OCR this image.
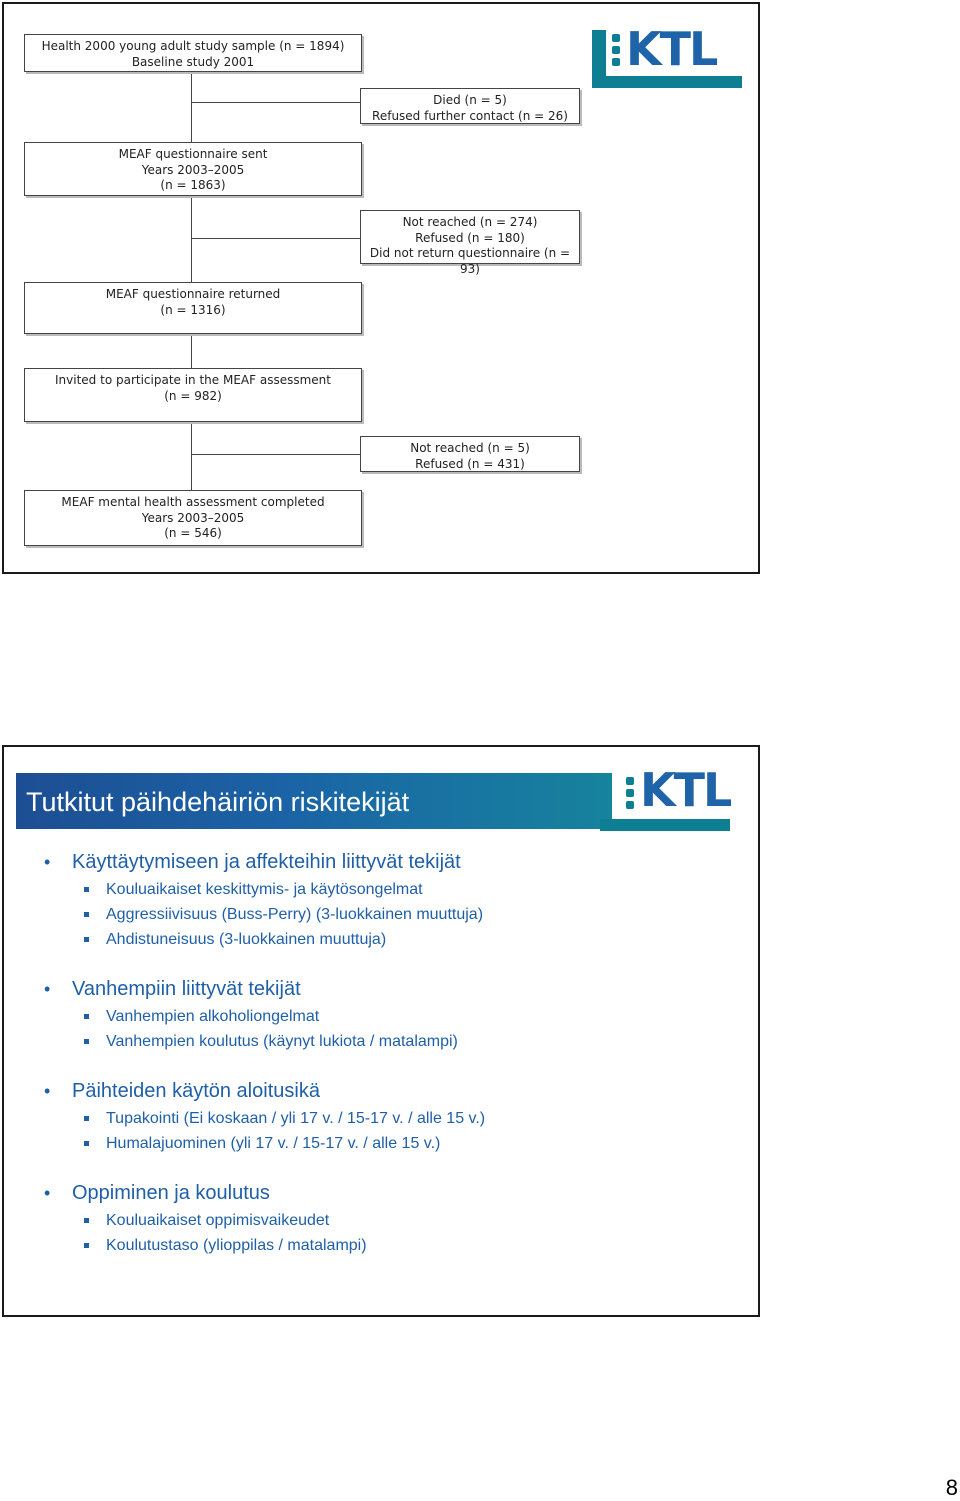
KTL
Health 2000 young adult study sample (n = 1894)
Baseline study 2001
Died (n = 5)
Refused further contact (n = 26)
MEAF questionnaire sent
Years 2003–2005
(n = 1863)
Not reached (n = 274)
Refused (n = 180)
Did not return questionnaire (n = 93)
MEAF questionnaire returned
(n = 1316)
Invited to participate in the MEAF assessment
(n = 982)
Not reached (n = 5)
Refused (n = 431)
MEAF mental health assessment completed
Years 2003–2005
(n = 546)
Tutkitut päihdehäiriön riskitekijät	KTL
• Käyttäytymiseen ja affekteihin liittyvät tekijät
Kouluaikaiset keskittymis- ja käytösongelmat
Aggressiivisuus (Buss-Perry) (3-luokkainen muuttuja)
Ahdistuneisuus (3-luokkainen muuttuja)
• Vanhempiin liittyvät tekijät
Vanhempien alkoholiongelmat
Vanhempien koulutus (käynyt lukiota / matalampi)
• Päihteiden käytön aloitusikä
Tupakointi (Ei koskaan / yli 17 v. / 15-17 v. / alle 15 v.)
Humalajuominen (yli 17 v. / 15-17 v. / alle 15 v.)
• Oppiminen ja koulutus
Kouluaikaiset oppimisvaikeudet
Koulutustaso (ylioppilas / matalampi)
8
